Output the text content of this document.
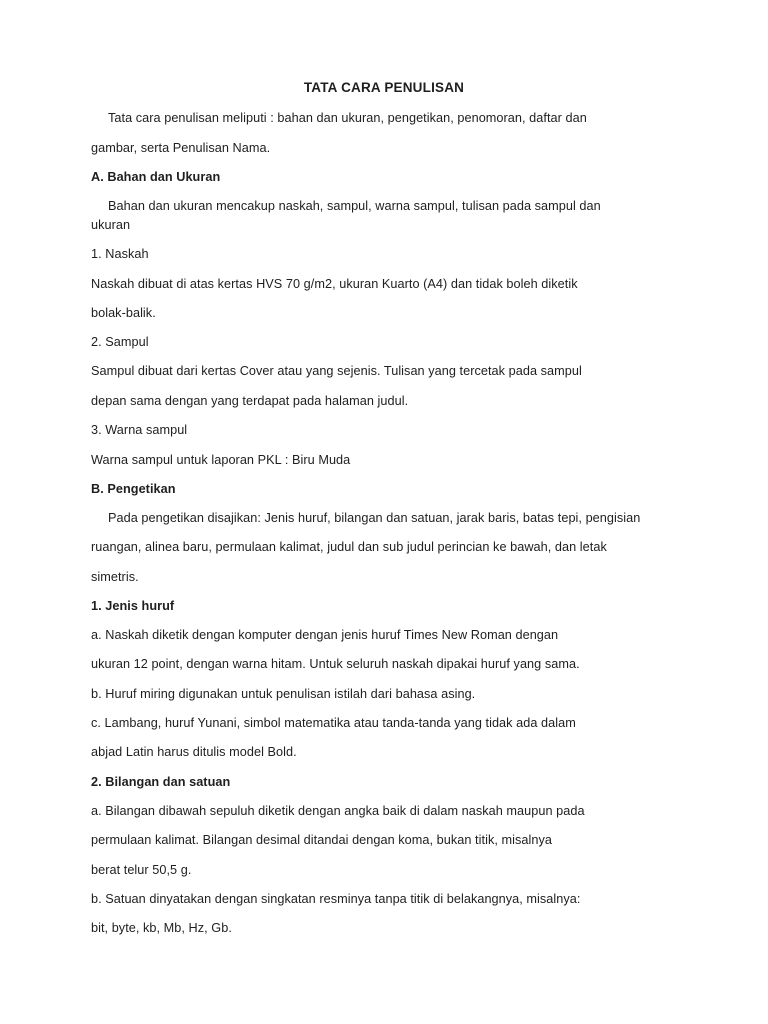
TATA CARA PENULISAN
Tata cara penulisan meliputi : bahan dan ukuran, pengetikan, penomoran, daftar dan
gambar, serta Penulisan Nama.
A. Bahan dan Ukuran
Bahan dan ukuran mencakup naskah, sampul, warna sampul, tulisan pada sampul dan
ukuran
1. Naskah
Naskah dibuat di atas kertas HVS 70 g/m2, ukuran Kuarto (A4) dan tidak boleh diketik
bolak-balik.
2. Sampul
Sampul dibuat dari kertas Cover atau yang sejenis. Tulisan yang tercetak pada sampul
depan sama dengan yang terdapat pada halaman judul.
3. Warna sampul
Warna sampul untuk laporan PKL : Biru Muda
B. Pengetikan
Pada pengetikan disajikan: Jenis huruf, bilangan dan satuan, jarak baris, batas tepi, pengisian
ruangan, alinea baru, permulaan kalimat, judul dan sub judul perincian ke bawah, dan letak
simetris.
1. Jenis huruf
a. Naskah diketik dengan komputer dengan jenis huruf Times New Roman dengan
ukuran 12 point, dengan warna hitam. Untuk seluruh naskah dipakai huruf yang sama.
b. Huruf miring digunakan untuk penulisan istilah dari bahasa asing.
c. Lambang, huruf Yunani, simbol matematika atau tanda-tanda yang tidak ada dalam
abjad Latin harus ditulis model Bold.
2. Bilangan dan satuan
a. Bilangan dibawah sepuluh diketik dengan angka baik di dalam naskah maupun pada
permulaan kalimat. Bilangan desimal ditandai dengan koma, bukan titik, misalnya
berat telur 50,5 g.
b. Satuan dinyatakan dengan singkatan resminya tanpa titik di belakangnya, misalnya:
bit, byte, kb, Mb, Hz, Gb.
